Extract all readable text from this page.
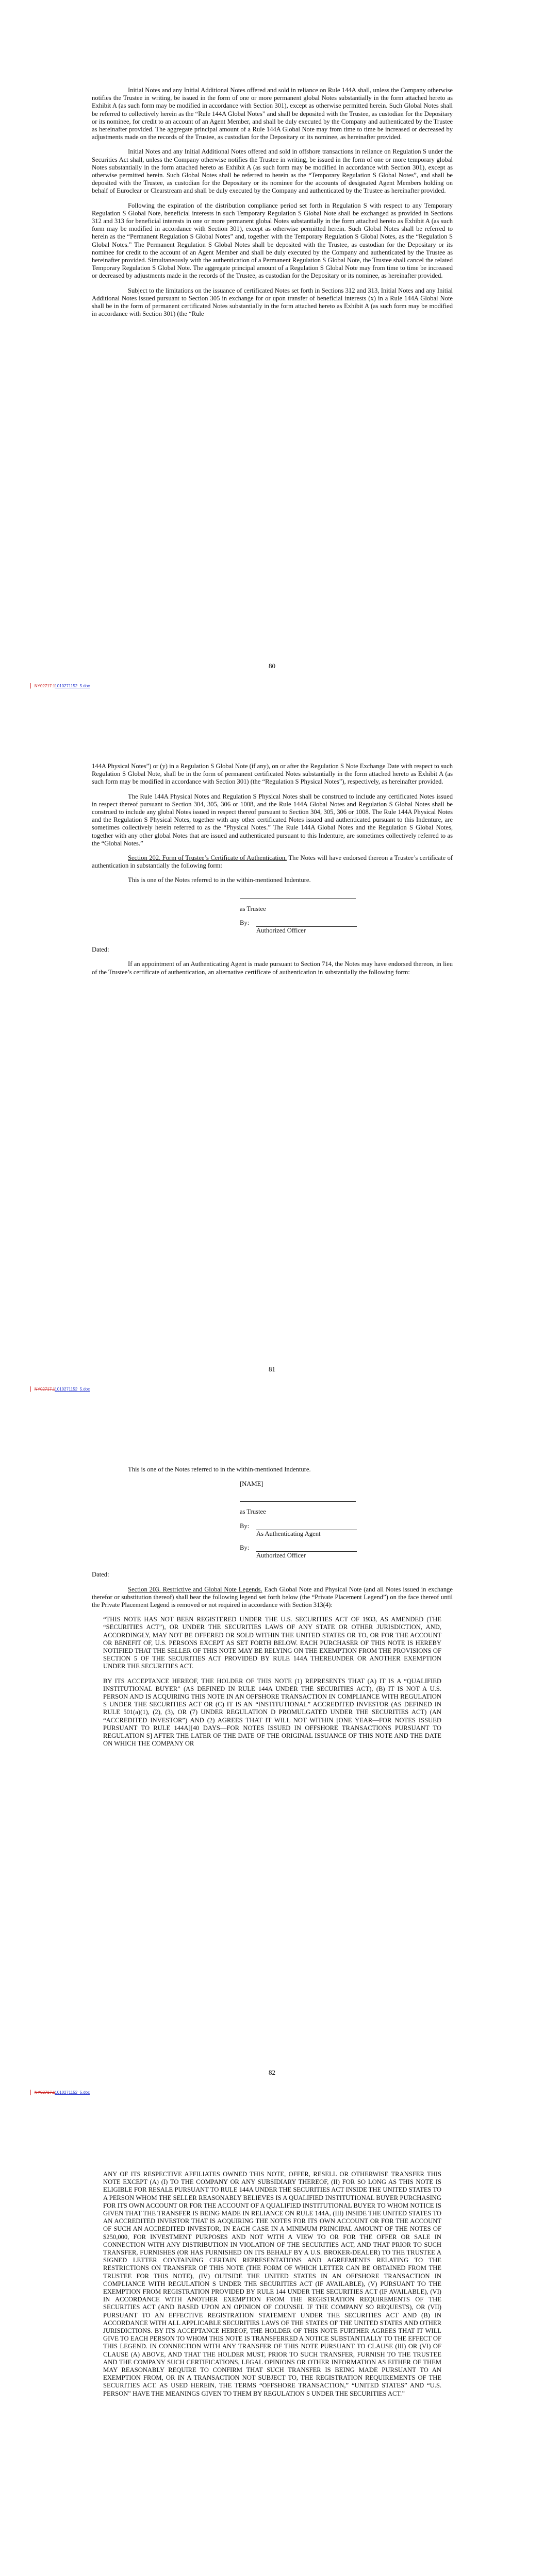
Initial Notes and any Initial Additional Notes offered and sold in reliance on Rule 144A shall, unless the Company otherwise notifies the Trustee in writing, be issued in the form of one or more permanent global Notes substantially in the form attached hereto as Exhibit A (as such form may be modified in accordance with Section 301), except as otherwise permitted herein. Such Global Notes shall be referred to collectively herein as the “Rule 144A Global Notes” and shall be deposited with the Trustee, as custodian for the Depositary or its nominee, for credit to an account of an Agent Member, and shall be duly executed by the Company and authenticated by the Trustee as hereinafter provided. The aggregate principal amount of a Rule 144A Global Note may from time to time be increased or decreased by adjustments made on the records of the Trustee, as custodian for the Depositary or its nominee, as hereinafter provided.

Initial Notes and any Initial Additional Notes offered and sold in offshore transactions in reliance on Regulation S under the Securities Act shall, unless the Company otherwise notifies the Trustee in writing, be issued in the form of one or more temporary global Notes substantially in the form attached hereto as Exhibit A (as such form may be modified in accordance with Section 301), except as otherwise permitted herein. Such Global Notes shall be referred to herein as the “Temporary Regulation S Global Notes”, and shall be deposited with the Trustee, as custodian for the Depositary or its nominee for the accounts of designated Agent Members holding on behalf of Euroclear or Clearstream and shall be duly executed by the Company and authenticated by the Trustee as hereinafter provided.

Following the expiration of the distribution compliance period set forth in Regulation S with respect to any Temporary Regulation S Global Note, beneficial interests in such Temporary Regulation S Global Note shall be exchanged as provided in Sections 312 and 313 for beneficial interests in one or more permanent global Notes substantially in the form attached hereto as Exhibit A (as such form may be modified in accordance with Section 301), except as otherwise permitted herein. Such Global Notes shall be referred to herein as the “Permanent Regulation S Global Notes” and, together with the Temporary Regulation S Global Notes, as the “Regulation S Global Notes.” The Permanent Regulation S Global Notes shall be deposited with the Trustee, as custodian for the Depositary or its nominee for credit to the account of an Agent Member and shall be duly executed by the Company and authenticated by the Trustee as hereinafter provided. Simultaneously with the authentication of a Permanent Regulation S Global Note, the Trustee shall cancel the related Temporary Regulation S Global Note. The aggregate principal amount of a Regulation S Global Note may from time to time be increased or decreased by adjustments made in the records of the Trustee, as custodian for the Depositary or its nominee, as hereinafter provided.

Subject to the limitations on the issuance of certificated Notes set forth in Sections 312 and 313, Initial Notes and any Initial Additional Notes issued pursuant to Section 305 in exchange for or upon transfer of beneficial interests (x) in a Rule 144A Global Note shall be in the form of permanent certificated Notes substantially in the form attached hereto as Exhibit A (as such form may be modified in accordance with Section 301) (the “Rule

80
| NY02717.11010271152_5.doc

144A Physical Notes”) or (y) in a Regulation S Global Note (if any), on or after the Regulation S Note Exchange Date with respect to such Regulation S Global Note, shall be in the form of permanent certificated Notes substantially in the form attached hereto as Exhibit A (as such form may be modified in accordance with Section 301) (the “Regulation S Physical Notes”), respectively, as hereinafter provided.

The Rule 144A Physical Notes and Regulation S Physical Notes shall be construed to include any certificated Notes issued in respect thereof pursuant to Section 304, 305, 306 or 1008, and the Rule 144A Global Notes and Regulation S Global Notes shall be construed to include any global Notes issued in respect thereof pursuant to Section 304, 305, 306 or 1008. The Rule 144A Physical Notes and the Regulation S Physical Notes, together with any other certificated Notes issued and authenticated pursuant to this Indenture, are sometimes collectively herein referred to as the “Physical Notes.” The Rule 144A Global Notes and the Regulation S Global Notes, together with any other global Notes that are issued and authenticated pursuant to this Indenture, are sometimes collectively referred to as the “Global Notes.”

Section 202. Form of Trustee’s Certificate of Authentication. The Notes will have endorsed thereon a Trustee’s certificate of authentication in substantially the following form:

This is one of the Notes referred to in the within-mentioned Indenture.

as Trustee
By:
Authorized Officer

Dated:

If an appointment of an Authenticating Agent is made pursuant to Section 714, the Notes may have endorsed thereon, in lieu of the Trustee’s certificate of authentication, an alternative certificate of authentication in substantially the following form:

81
| NY02717.11010271152_5.doc

This is one of the Notes referred to in the within-mentioned Indenture.

[NAME]
as Trustee
By:
As Authenticating Agent
By:
Authorized Officer

Dated:

Section 203. Restrictive and Global Note Legends. Each Global Note and Physical Note (and all Notes issued in exchange therefor or substitution thereof) shall bear the following legend set forth below (the “Private Placement Legend”) on the face thereof until the Private Placement Legend is removed or not required in accordance with Section 313(4):

“THIS NOTE HAS NOT BEEN REGISTERED UNDER THE U.S. SECURITIES ACT OF 1933, AS AMENDED (THE “SECURITIES ACT”), OR UNDER THE SECURITIES LAWS OF ANY STATE OR OTHER JURISDICTION, AND, ACCORDINGLY, MAY NOT BE OFFERED OR SOLD WITHIN THE UNITED STATES OR TO, OR FOR THE ACCOUNT OR BENEFIT OF, U.S. PERSONS EXCEPT AS SET FORTH BELOW. EACH PURCHASER OF THIS NOTE IS HEREBY NOTIFIED THAT THE SELLER OF THIS NOTE MAY BE RELYING ON THE EXEMPTION FROM THE PROVISIONS OF SECTION 5 OF THE SECURITIES ACT PROVIDED BY RULE 144A THEREUNDER OR ANOTHER EXEMPTION UNDER THE SECURITIES ACT.

BY ITS ACCEPTANCE HEREOF, THE HOLDER OF THIS NOTE (1) REPRESENTS THAT (A) IT IS A “QUALIFIED INSTITUTIONAL BUYER” (AS DEFINED IN RULE 144A UNDER THE SECURITIES ACT), (B) IT IS NOT A U.S. PERSON AND IS ACQUIRING THIS NOTE IN AN OFFSHORE TRANSACTION IN COMPLIANCE WITH REGULATION S UNDER THE SECURITIES ACT OR (C) IT IS AN “INSTITUTIONAL” ACCREDITED INVESTOR (AS DEFINED IN RULE 501(a)(1), (2), (3), OR (7) UNDER REGULATION D PROMULGATED UNDER THE SECURITIES ACT) (AN “ACCREDITED INVESTOR”) AND (2) AGREES THAT IT WILL NOT WITHIN [ONE YEAR—FOR NOTES ISSUED PURSUANT TO RULE 144A][40 DAYS—FOR NOTES ISSUED IN OFFSHORE TRANSACTIONS PURSUANT TO REGULATION S] AFTER THE LATER OF THE DATE OF THE ORIGINAL ISSUANCE OF THIS NOTE AND THE DATE ON WHICH THE COMPANY OR

82
| NY02717.11010271152_5.doc

ANY OF ITS RESPECTIVE AFFILIATES OWNED THIS NOTE, OFFER, RESELL OR OTHERWISE TRANSFER THIS NOTE EXCEPT (A) (I) TO THE COMPANY OR ANY SUBSIDIARY THEREOF, (II) FOR SO LONG AS THIS NOTE IS ELIGIBLE FOR RESALE PURSUANT TO RULE 144A UNDER THE SECURITIES ACT INSIDE THE UNITED STATES TO A PERSON WHOM THE SELLER REASONABLY BELIEVES IS A QUALIFIED INSTITUTIONAL BUYER PURCHASING FOR ITS OWN ACCOUNT OR FOR THE ACCOUNT OF A QUALIFIED INSTITUTIONAL BUYER TO WHOM NOTICE IS GIVEN THAT THE TRANSFER IS BEING MADE IN RELIANCE ON RULE 144A, (III) INSIDE THE UNITED STATES TO AN ACCREDITED INVESTOR THAT IS ACQUIRING THE NOTES FOR ITS OWN ACCOUNT OR FOR THE ACCOUNT OF SUCH AN ACCREDITED INVESTOR, IN EACH CASE IN A MINIMUM PRINCIPAL AMOUNT OF THE NOTES OF $250,000, FOR INVESTMENT PURPOSES AND NOT WITH A VIEW TO OR FOR THE OFFER OR SALE IN CONNECTION WITH ANY DISTRIBUTION IN VIOLATION OF THE SECURITIES ACT, AND THAT PRIOR TO SUCH TRANSFER, FURNISHES (OR HAS FURNISHED ON ITS BEHALF BY A U.S. BROKER-DEALER) TO THE TRUSTEE A SIGNED LETTER CONTAINING CERTAIN REPRESENTATIONS AND AGREEMENTS RELATING TO THE RESTRICTIONS ON TRANSFER OF THIS NOTE (THE FORM OF WHICH LETTER CAN BE OBTAINED FROM THE TRUSTEE FOR THIS NOTE), (IV) OUTSIDE THE UNITED STATES IN AN OFFSHORE TRANSACTION IN COMPLIANCE WITH REGULATION S UNDER THE SECURITIES ACT (IF AVAILABLE), (V) PURSUANT TO THE EXEMPTION FROM REGISTRATION PROVIDED BY RULE 144 UNDER THE SECURITIES ACT (IF AVAILABLE), (VI) IN ACCORDANCE WITH ANOTHER EXEMPTION FROM THE REGISTRATION REQUIREMENTS OF THE SECURITIES ACT (AND BASED UPON AN OPINION OF COUNSEL IF THE COMPANY SO REQUESTS), OR (VII) PURSUANT TO AN EFFECTIVE REGISTRATION STATEMENT UNDER THE SECURITIES ACT AND (B) IN ACCORDANCE WITH ALL APPLICABLE SECURITIES LAWS OF THE STATES OF THE UNITED STATES AND OTHER JURISDICTIONS. BY ITS ACCEPTANCE HEREOF, THE HOLDER OF THIS NOTE FURTHER AGREES THAT IT WILL GIVE TO EACH PERSON TO WHOM THIS NOTE IS TRANSFERRED A NOTICE SUBSTANTIALLY TO THE EFFECT OF THIS LEGEND. IN CONNECTION WITH ANY TRANSFER OF THIS NOTE PURSUANT TO CLAUSE (III) OR (VI) OF CLAUSE (A) ABOVE, AND THAT THE HOLDER MUST, PRIOR TO SUCH TRANSFER, FURNISH TO THE TRUSTEE AND THE COMPANY SUCH CERTIFICATIONS, LEGAL OPINIONS OR OTHER INFORMATION AS EITHER OF THEM MAY REASONABLY REQUIRE TO CONFIRM THAT SUCH TRANSFER IS BEING MADE PURSUANT TO AN EXEMPTION FROM, OR IN A TRANSACTION NOT SUBJECT TO, THE REGISTRATION REQUIREMENTS OF THE SECURITIES ACT. AS USED HEREIN, THE TERMS “OFFSHORE TRANSACTION,” “UNITED STATES” AND “U.S. PERSON” HAVE THE MEANINGS GIVEN TO THEM BY REGULATION S UNDER THE SECURITIES ACT.”
